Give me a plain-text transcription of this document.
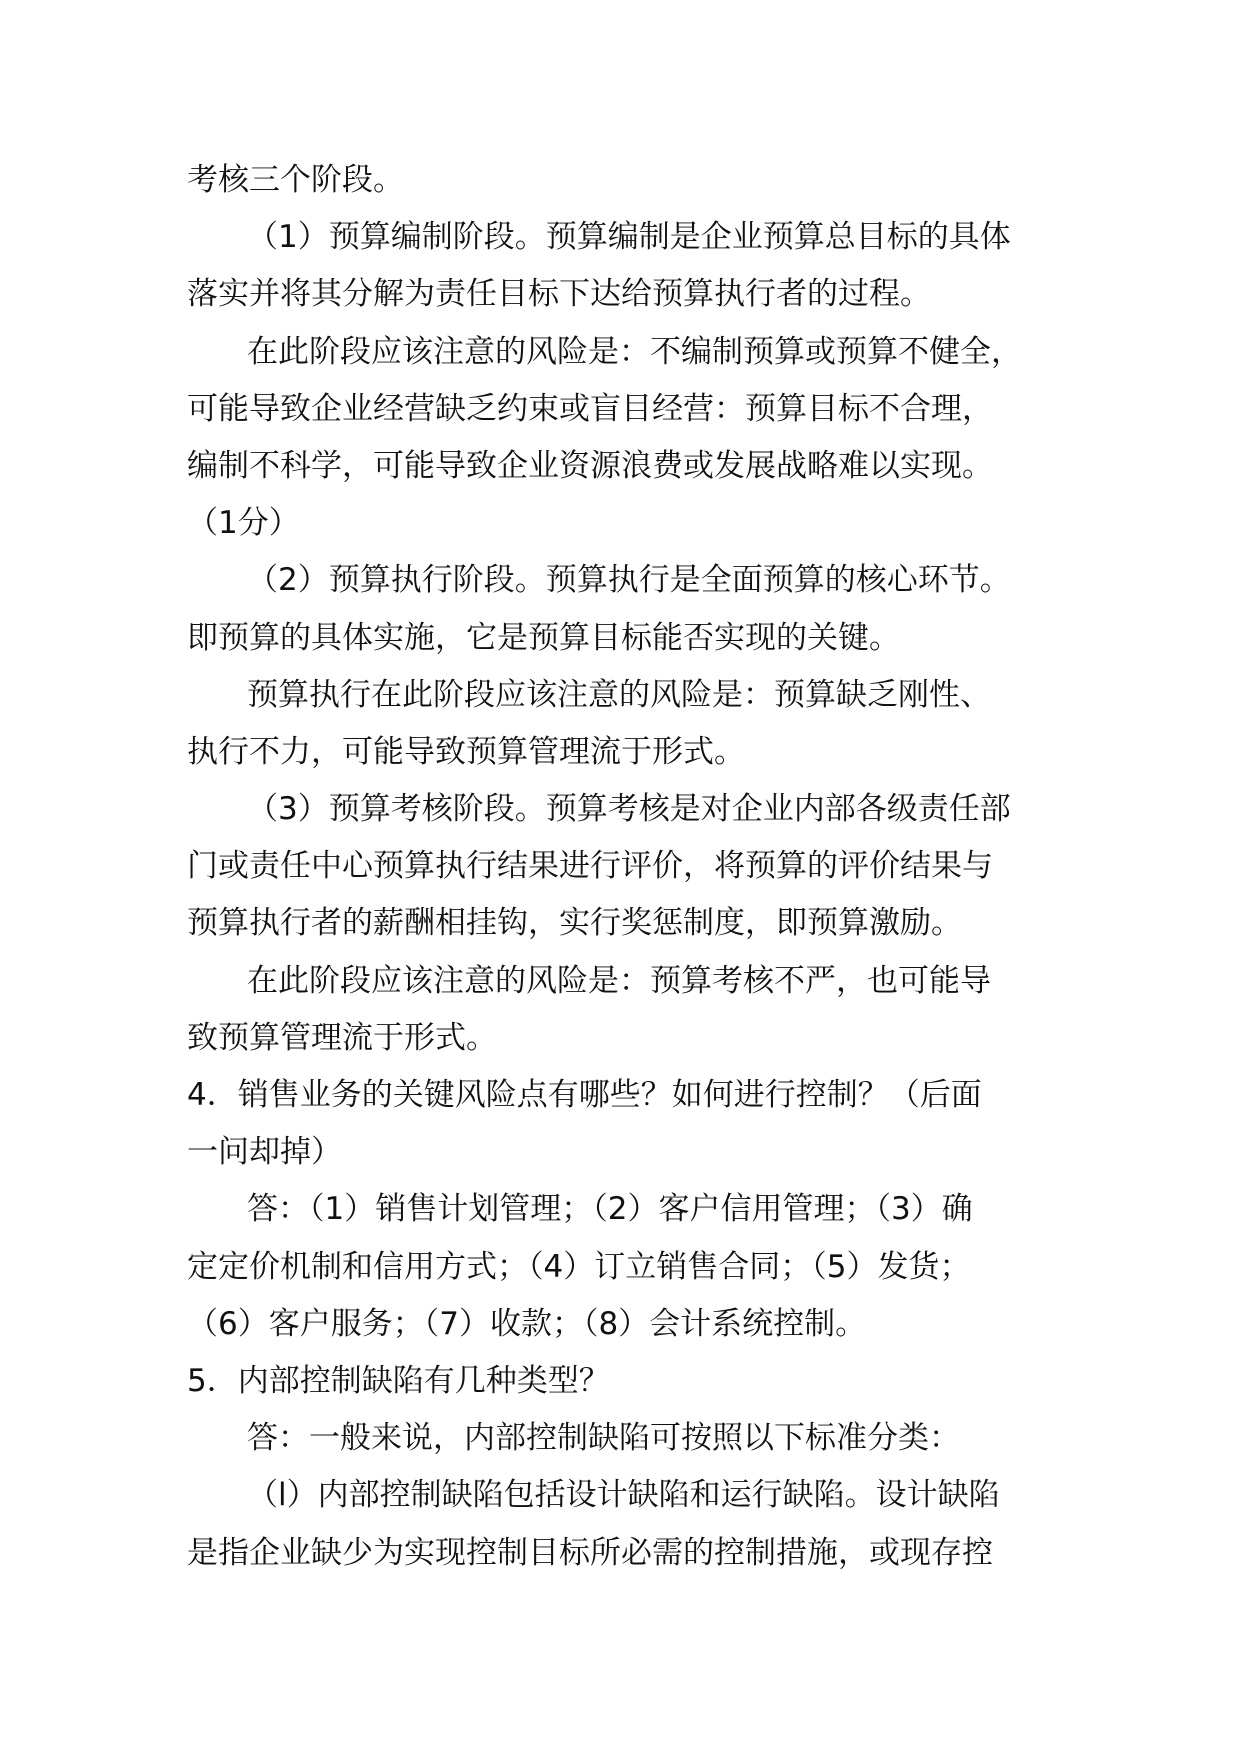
考核三个阶段。
（1）预算编制阶段。预算编制是企业预算总目标的具体
落实并将其分解为责任目标下达给预算执行者的过程。
在此阶段应该注意的风险是：不编制预算或预算不健全，
可能导致企业经营缺乏约束或盲目经营：预算目标不合理，
编制不科学，可能导致企业资源浪费或发展战略难以实现。
（1分）
（2）预算执行阶段。预算执行是全面预算的核心环节。
即预算的具体实施，它是预算目标能否实现的关键。
预算执行在此阶段应该注意的风险是：预算缺乏刚性、
执行不力，可能导致预算管理流于形式。
（3）预算考核阶段。预算考核是对企业内部各级责任部
门或责任中心预算执行结果进行评价，将预算的评价结果与
预算执行者的薪酬相挂钩，实行奖惩制度，即预算激励。
在此阶段应该注意的风险是：预算考核不严，也可能导
致预算管理流于形式。
4．销售业务的关键风险点有哪些？如何进行控制？（后面
一问却掉）
答：（1）销售计划管理；（2）客户信用管理；（3）确
定定价机制和信用方式；（4）订立销售合同；（5）发货；
（6）客户服务；（7）收款；（8）会计系统控制。
5．内部控制缺陷有几种类型？
答：一般来说，内部控制缺陷可按照以下标准分类：
（l）内部控制缺陷包括设计缺陷和运行缺陷。设计缺陷
是指企业缺少为实现控制目标所必需的控制措施，或现存控
